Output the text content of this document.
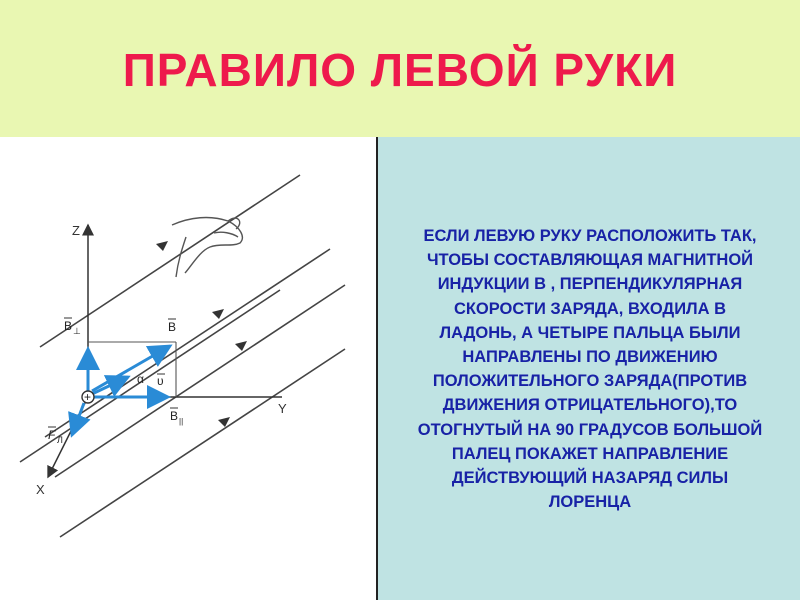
ПРАВИЛО ЛЕВОЙ РУКИ
Z
Y
X
+
B ⊥	B
B ||
υ
α
F Л
ЕСЛИ ЛЕВУЮ РУКУ РАСПОЛОЖИТЬ ТАК,
ЧТОБЫ СОСТАВЛЯЮЩАЯ МАГНИТНОЙ
ИНДУКЦИИ В , ПЕРПЕНДИКУЛЯРНАЯ
СКОРОСТИ ЗАРЯДА, ВХОДИЛА В
ЛАДОНЬ, А ЧЕТЫРЕ ПАЛЬЦА БЫЛИ
НАПРАВЛЕНЫ ПО ДВИЖЕНИЮ
ПОЛОЖИТЕЛЬНОГО ЗАРЯДА(ПРОТИВ
ДВИЖЕНИЯ ОТРИЦАТЕЛЬНОГО),ТО
ОТОГНУТЫЙ НА 90 ГРАДУСОВ БОЛЬШОЙ
ПАЛЕЦ ПОКАЖЕТ НАПРАВЛЕНИЕ
ДЕЙСТВУЮЩИЙ НАЗАРЯД СИЛЫ
ЛОРЕНЦА
